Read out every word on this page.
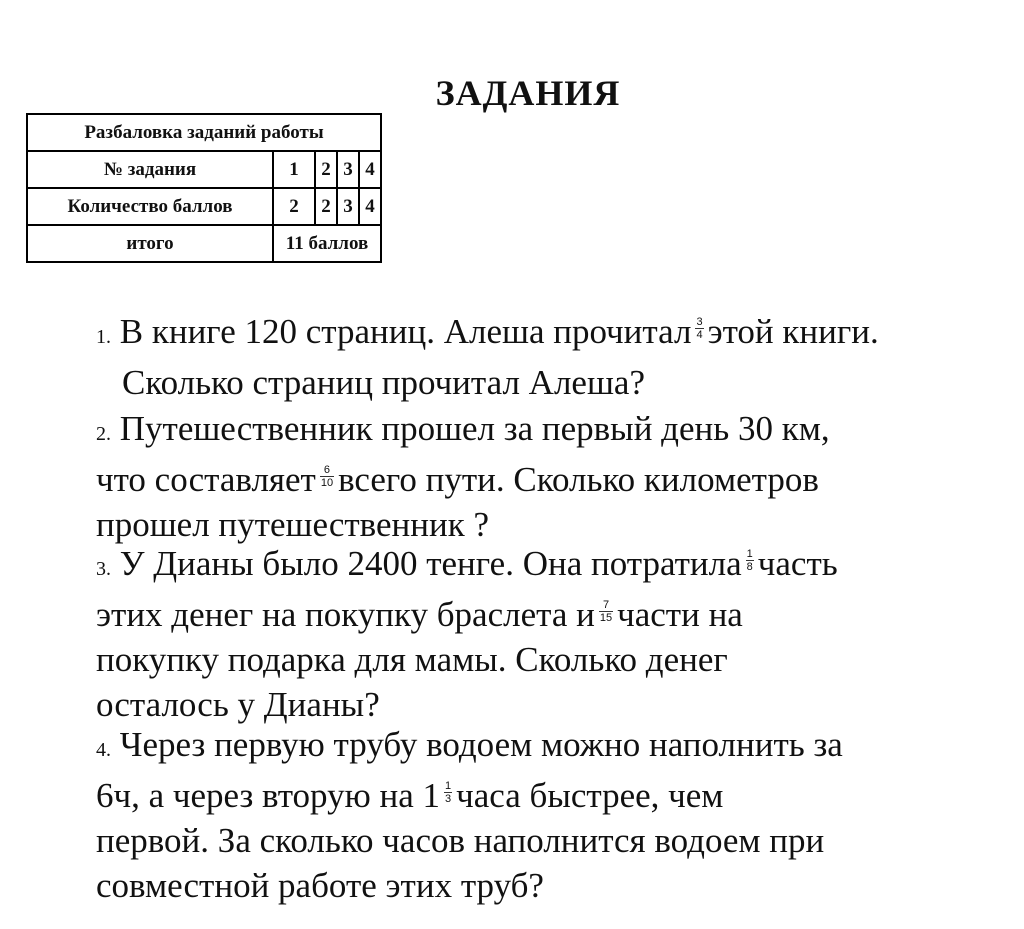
ЗАДАНИЯ
Разбаловка заданий работы				
№ задания	1	2	3	4
Количество баллов	2	2	3	4
итого	11 баллов			
1. В книге 120 страниц. Алеша прочитал $\frac{3}{4}$ этой книги.
Сколько страниц прочитал Алеша?
2. Путешественник прошел за первый день 30 км,
что составляет $\frac{6}{10}$ всего пути. Сколько километров
прошел путешественник ?
3. У Дианы было 2400 тенге. Она потратила $\frac{1}{8}$ часть
этих денег на покупку браслета и $\frac{7}{15}$ части на
покупку подарка для мамы. Сколько денег
осталось у Дианы?
4. Через первую трубу водоем можно наполнить за
6ч, а через вторую на $1 \frac{1}{3}$ часа быстрее, чем
первой. За сколько часов наполнится водоем при
совместной работе этих труб?
